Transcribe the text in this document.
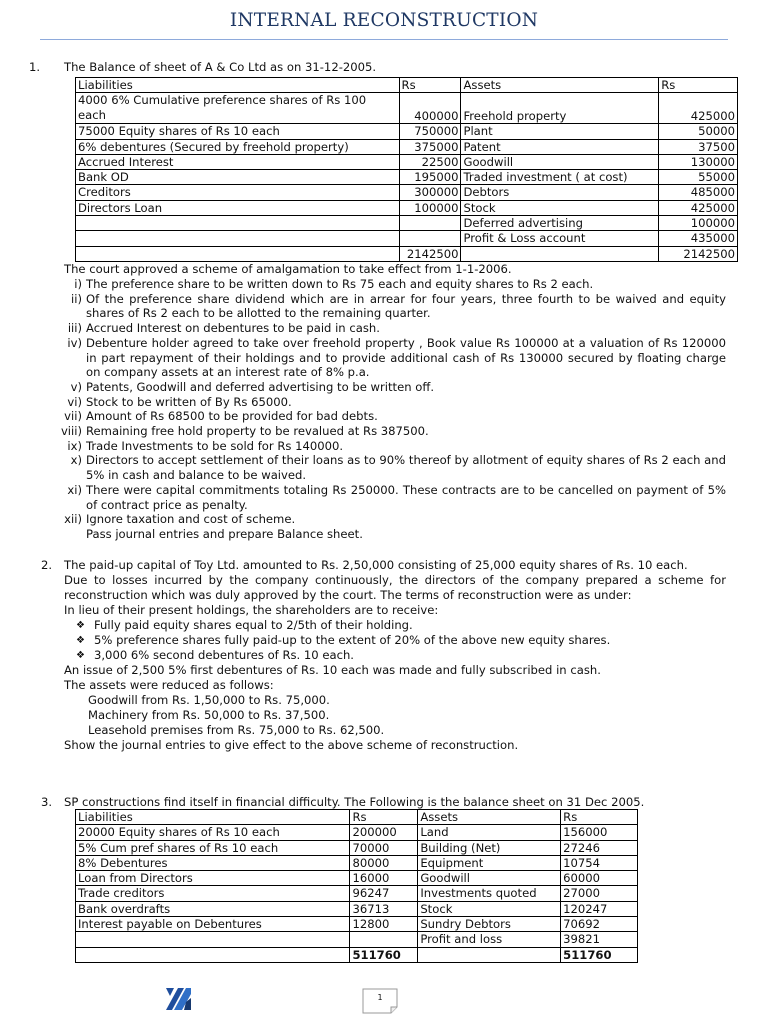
INTERNAL RECONSTRUCTION
1. The Balance of sheet of A & Co Ltd as on 31-12-2005.
Liabilities	Rs	Assets	Rs
4000 6% Cumulative preference shares of Rs 100 each	400000	Freehold property	425000
75000 Equity shares of Rs 10 each	750000	Plant	50000
6% debentures (Secured by freehold property)	375000	Patent	37500
Accrued Interest	22500	Goodwill	130000
Bank OD	195000	Traded investment ( at cost)	55000
Creditors	300000	Debtors	485000
Directors Loan	100000	Stock	425000
		Deferred advertising	100000
		Profit & Loss account	435000
	2142500		2142500
The court approved a scheme of amalgamation to take effect from 1-1-2006.
i) The preference share to be written down to Rs 75 each and equity shares to Rs 2 each.
ii) Of the preference share dividend which are in arrear for four years, three fourth to be waived and equity shares of Rs 2 each to be allotted to the remaining quarter.
iii) Accrued Interest on debentures to be paid in cash.
iv) Debenture holder agreed to take over freehold property , Book value Rs 100000 at a valuation of Rs 120000 in part repayment of their holdings and to provide additional cash of Rs 130000 secured by floating charge on company assets at an interest rate of 8% p.a.
v) Patents, Goodwill and deferred advertising to be written off.
vi) Stock to be written of By Rs 65000.
vii) Amount of Rs 68500 to be provided for bad debts.
viii) Remaining free hold property to be revalued at Rs 387500.
ix) Trade Investments to be sold for Rs 140000.
x) Directors to accept settlement of their loans as to 90% thereof by allotment of equity shares of Rs 2 each and 5% in cash and balance to be waived.
xi) There were capital commitments totaling Rs 250000. These contracts are to be cancelled on payment of 5% of contract price as penalty.
xii) Ignore taxation and cost of scheme.
Pass journal entries and prepare Balance sheet.
2. The paid-up capital of Toy Ltd. amounted to Rs. 2,50,000 consisting of 25,000 equity shares of Rs. 10 each.
Due to losses incurred by the company continuously, the directors of the company prepared a scheme for reconstruction which was duly approved by the court. The terms of reconstruction were as under:
In lieu of their present holdings, the shareholders are to receive:
❖ Fully paid equity shares equal to 2/5th of their holding.
❖ 5% preference shares fully paid-up to the extent of 20% of the above new equity shares.
❖ 3,000 6% second debentures of Rs. 10 each.
An issue of 2,500 5% first debentures of Rs. 10 each was made and fully subscribed in cash.
The assets were reduced as follows:
Goodwill from Rs. 1,50,000 to Rs. 75,000.
Machinery from Rs. 50,000 to Rs. 37,500.
Leasehold premises from Rs. 75,000 to Rs. 62,500.
Show the journal entries to give effect to the above scheme of reconstruction.
3. SP constructions find itself in financial difficulty. The Following is the balance sheet on 31 Dec 2005.
Liabilities	Rs	Assets	Rs
20000 Equity shares of Rs 10 each	200000	Land	156000
5% Cum pref shares of Rs 10 each	70000	Building (Net)	27246
8% Debentures	80000	Equipment	10754
Loan from Directors	16000	Goodwill	60000
Trade creditors	96247	Investments quoted	27000
Bank overdrafts	36713	Stock	120247
Interest payable on Debentures	12800	Sundry Debtors	70692
		Profit and loss	39821
	511760		511760
1
